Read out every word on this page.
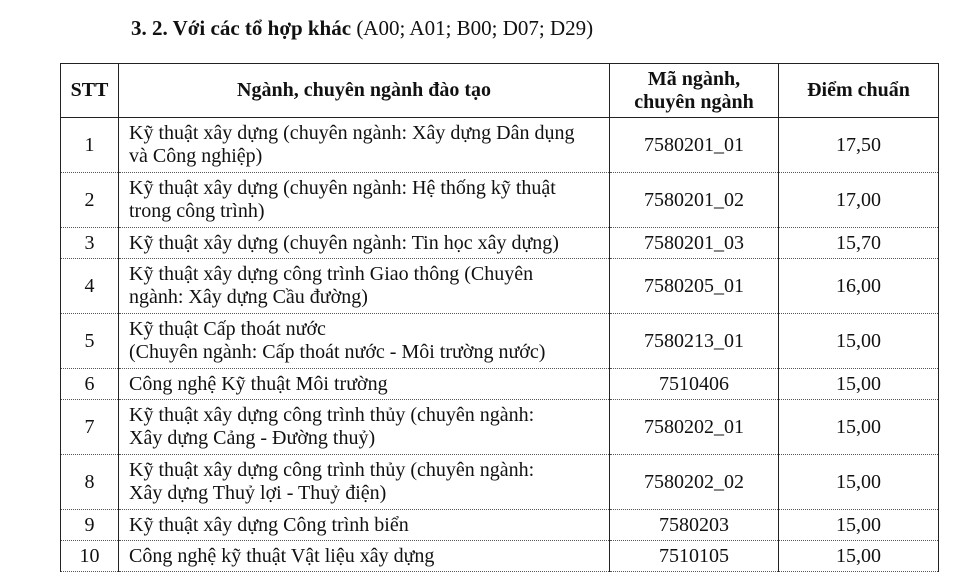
3. 2. Với các tổ hợp khác (A00; A01; B00; D07; D29)
STT	Ngành, chuyên ngành đào tạo	Mã ngành,
chuyên ngành	Điểm chuẩn
1	Kỹ thuật xây dựng (chuyên ngành: Xây dựng Dân dụng
và Công nghiệp)	7580201_01	17,50
2	Kỹ thuật xây dựng (chuyên ngành: Hệ thống kỹ thuật
trong công trình)	7580201_02	17,00
3	Kỹ thuật xây dựng (chuyên ngành: Tin học xây dựng)	7580201_03	15,70
4	Kỹ thuật xây dựng công trình Giao thông (Chuyên
ngành: Xây dựng Cầu đường)	7580205_01	16,00
5	Kỹ thuật Cấp thoát nước
(Chuyên ngành: Cấp thoát nước - Môi trường nước)	7580213_01	15,00
6	Công nghệ Kỹ thuật Môi trường	7510406	15,00
7	Kỹ thuật xây dựng công trình thủy (chuyên ngành:
Xây dựng Cảng - Đường thuỷ)	7580202_01	15,00
8	Kỹ thuật xây dựng công trình thủy (chuyên ngành:
Xây dựng Thuỷ lợi - Thuỷ điện)	7580202_02	15,00
9	Kỹ thuật xây dựng Công trình biển	7580203	15,00
10	Công nghệ kỹ thuật Vật liệu xây dựng	7510105	15,00
